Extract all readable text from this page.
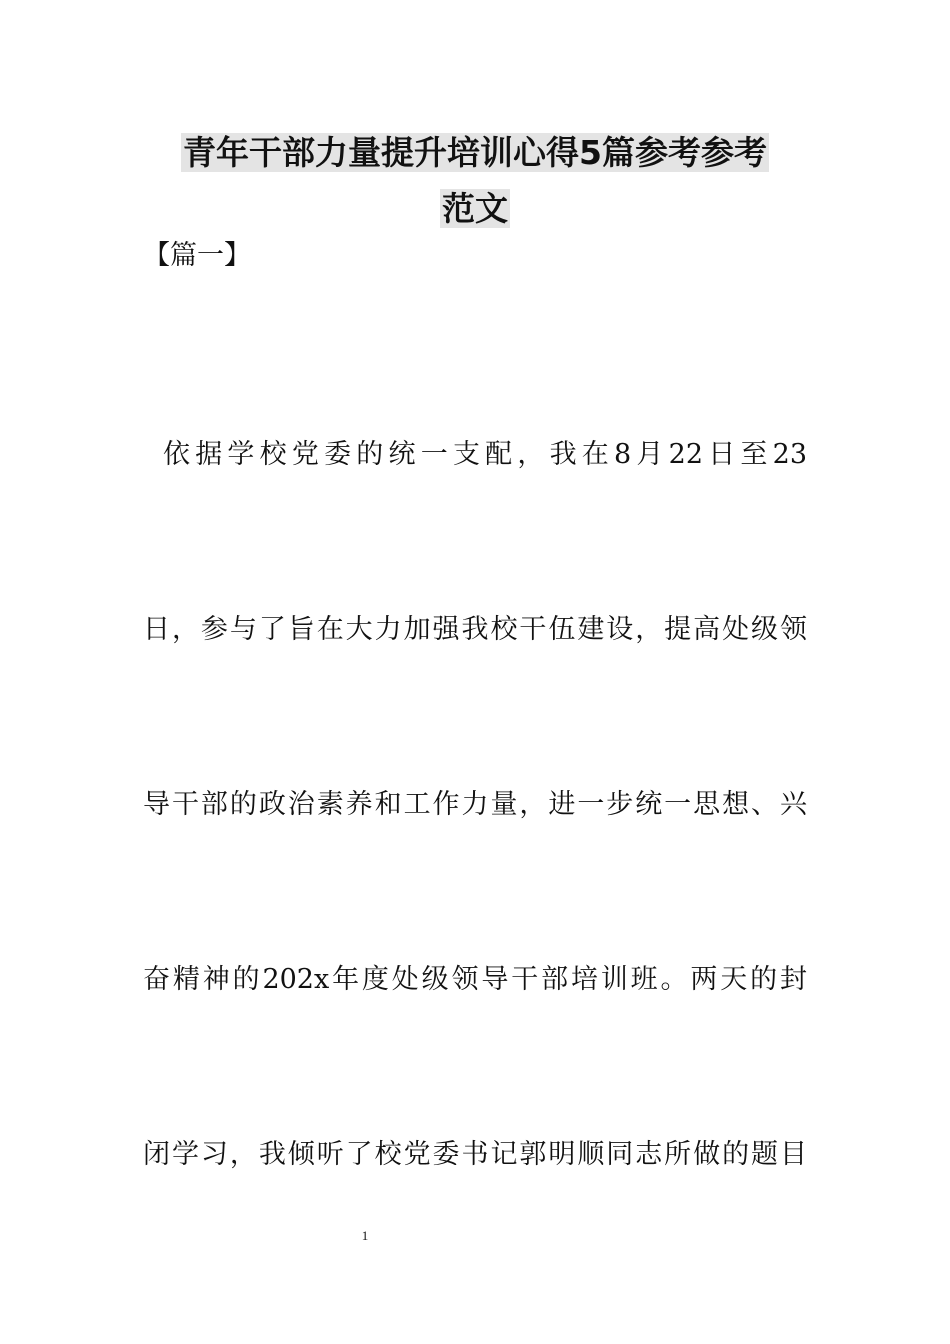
青年干部力量提升培训心得5篇参考参考
范文
【篇一】
依据学校党委的统一支配，我在8月22日至23
日，参与了旨在大力加强我校干伍建设，提高处级领
导干部的政治素养和工作力量，进一步统一思想、兴
奋精神的202x年度处级领导干部培训班。两天的封
闭学习，我倾听了校党委书记郭明顺同志所做的题目
1
